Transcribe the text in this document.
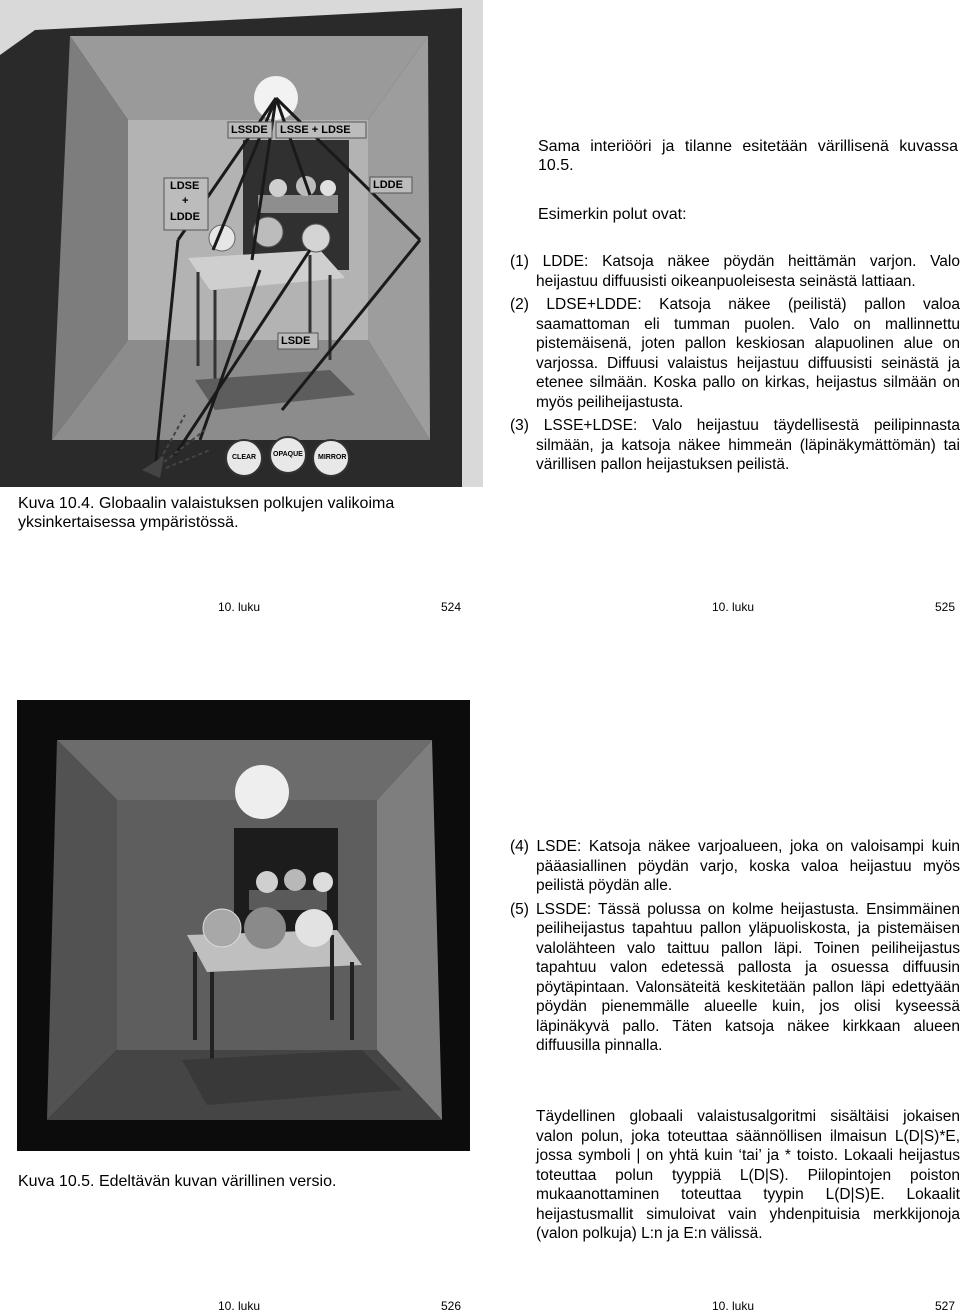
LSSDE LSSE + LDSE
LDSE
+
LDDE
LDDE
LSDE
CLEAR OPAQUE MIRROR
Kuva 10.4. Globaalin valaistuksen polkujen valikoima yksinkertaisessa ympäristössä.
Sama interiööri ja tilanne esitetään värillisenä kuvassa 10.5.
Esimerkin polut ovat:

(1) LDDE: Katsoja näkee pöydän heittämän varjon. Valo heijastuu diffuusisti oikeanpuoleisesta seinästä lattiaan.

(2) LDSE+LDDE: Katsoja näkee (peilistä) pallon valoa saamattoman eli tumman puolen. Valo on mallinnettu pistemäisenä, joten pallon keskiosan alapuolinen alue on varjossa. Diffuusi valaistus heijastuu diffuusisti seinästä ja etenee silmään. Koska pallo on kirkas, heijastus silmään on myös peiliheijastusta.

(3) LSSE+LDSE: Valo heijastuu täydellisestä peilipinnasta silmään, ja katsoja näkee himmeän (läpinäkymättömän) tai värillisen pallon heijastuksen peilistä.

10. luku	524	10. luku	525
Kuva 10.5. Edeltävän kuvan värillinen versio.

(4) LSDE: Katsoja näkee varjoalueen, joka on valoisampi kuin pääasiallinen pöydän varjo, koska valoa heijastuu myös peilistä pöydän alle.

(5) LSSDE: Tässä polussa on kolme heijastusta. Ensimmäinen peiliheijastus tapahtuu pallon yläpuoliskosta, ja pistemäisen valolähteen valo taittuu pallon läpi. Toinen peiliheijastus tapahtuu valon edetessä pallosta ja osuessa diffuusin pöytäpintaan. Valonsäteitä keskitetään pallon läpi edettyään pöydän pienemmälle alueelle kuin, jos olisi kyseessä läpinäkyvä pallo. Täten katsoja näkee kirkkaan alueen diffuusilla pinnalla.

Täydellinen globaali valaistusalgoritmi sisältäisi jokaisen valon polun, joka toteuttaa säännöllisen ilmaisun L(D|S)*E, jossa symboli | on yhtä kuin ‘tai’ ja * toisto. Lokaali heijastus toteuttaa polun tyyppiä L(D|S). Piilopintojen poiston mukaanottaminen toteuttaa tyypin L(D|S)E. Lokaalit heijastusmallit simuloivat vain yhdenpituisia merkkijonoja (valon polkuja) L:n ja E:n välissä.
10. luku	526	10. luku	527
